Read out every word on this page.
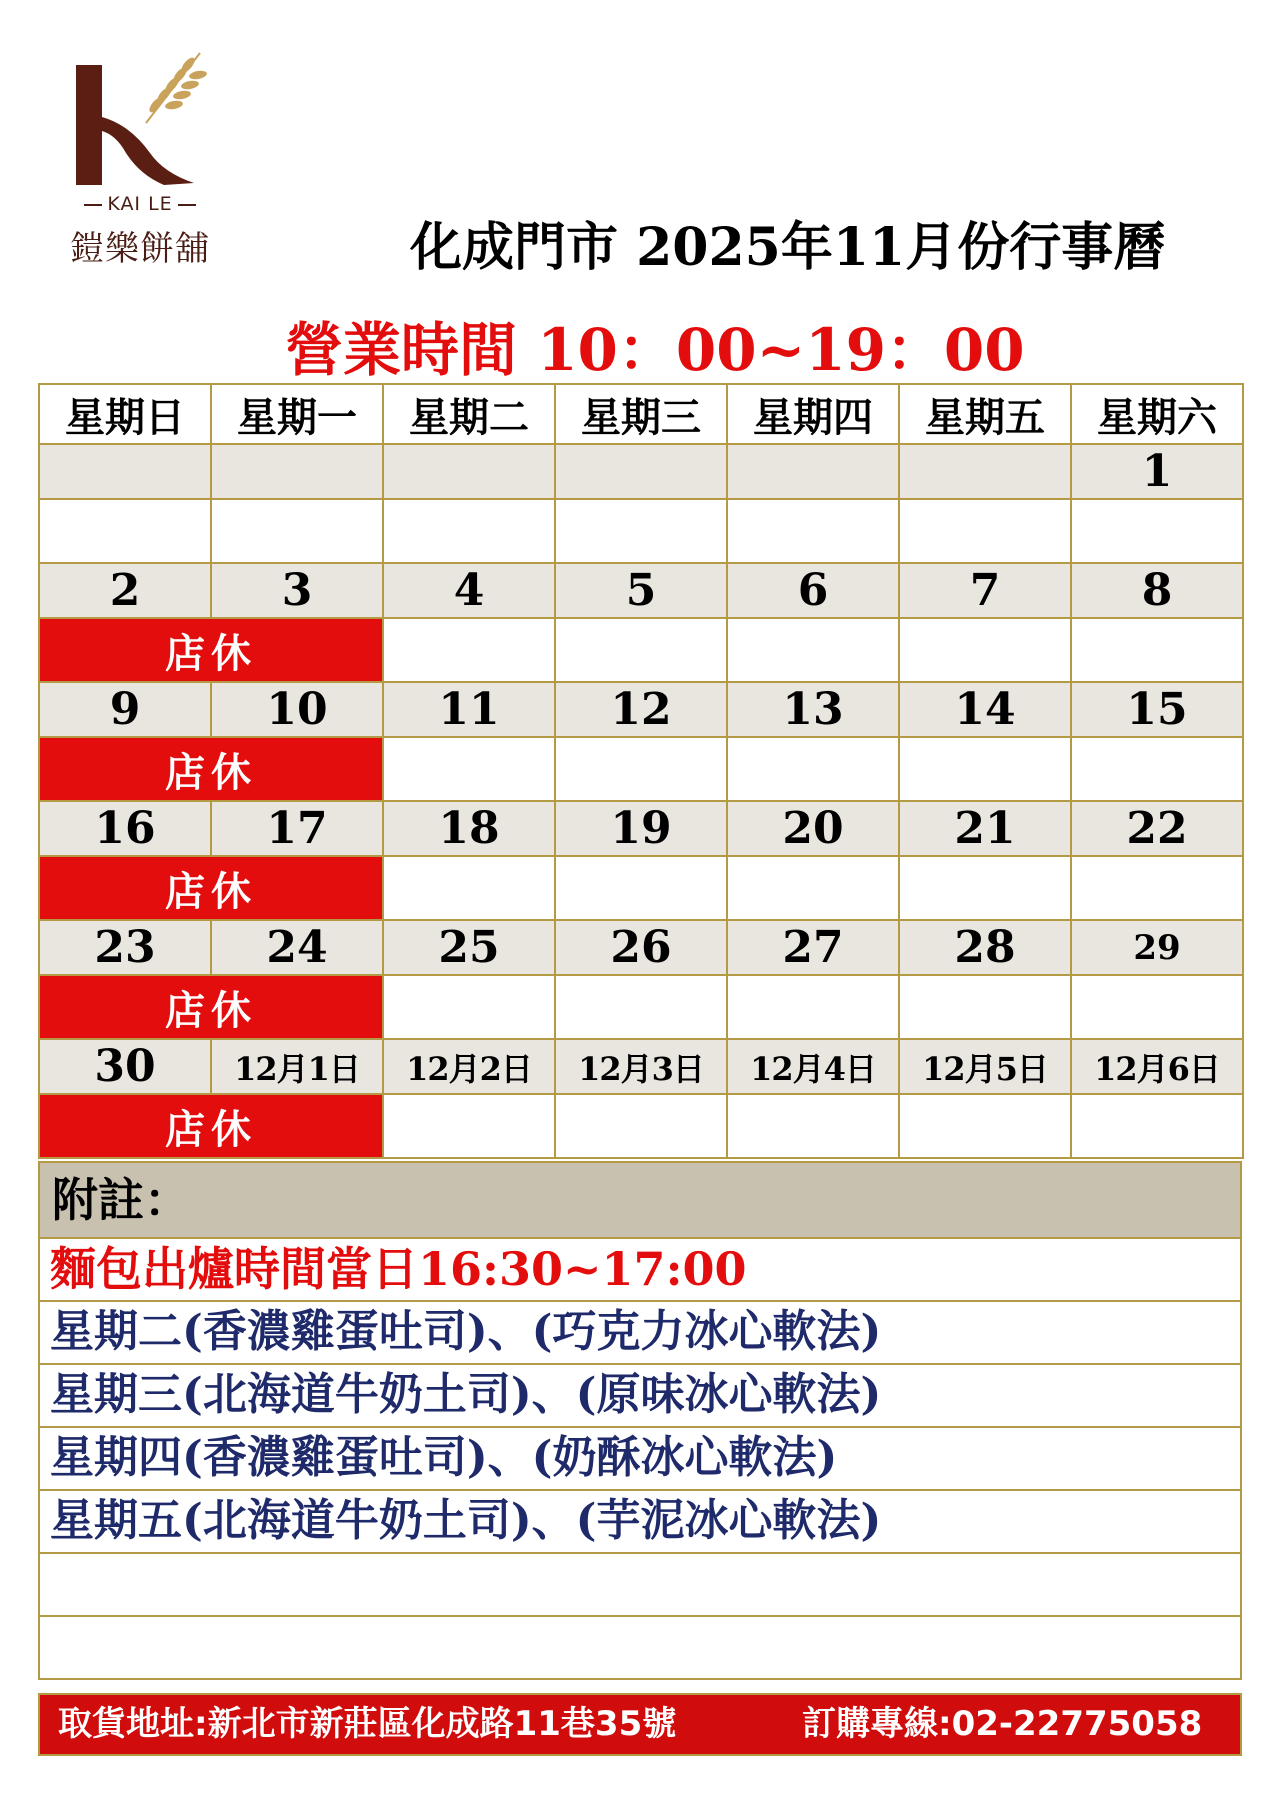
KAI LE
鎧樂餅舖	化成門市 2025年11月份行事曆
營業時間 10：00~19：00
星期日	星期一	星期二	星期三	星期四	星期五	星期六
						1

2	3	4	5	6	7	8
店休						
9	10	11	12	13	14	15
店休						
16	17	18	19	20	21	22
店休						
23	24	25	26	27	28	29
店休						
30	12月1日	12月2日	12月3日	12月4日	12月5日	12月6日
店休						
附註：
麵包出爐時間當日16:30~17:00
星期二(香濃雞蛋吐司)、(巧克力冰心軟法)
星期三(北海道牛奶土司)、(原味冰心軟法)
星期四(香濃雞蛋吐司)、(奶酥冰心軟法)
星期五(北海道牛奶土司)、(芋泥冰心軟法)
取貨地址:新北市新莊區化成路11巷35號	訂購專線:02-22775058
